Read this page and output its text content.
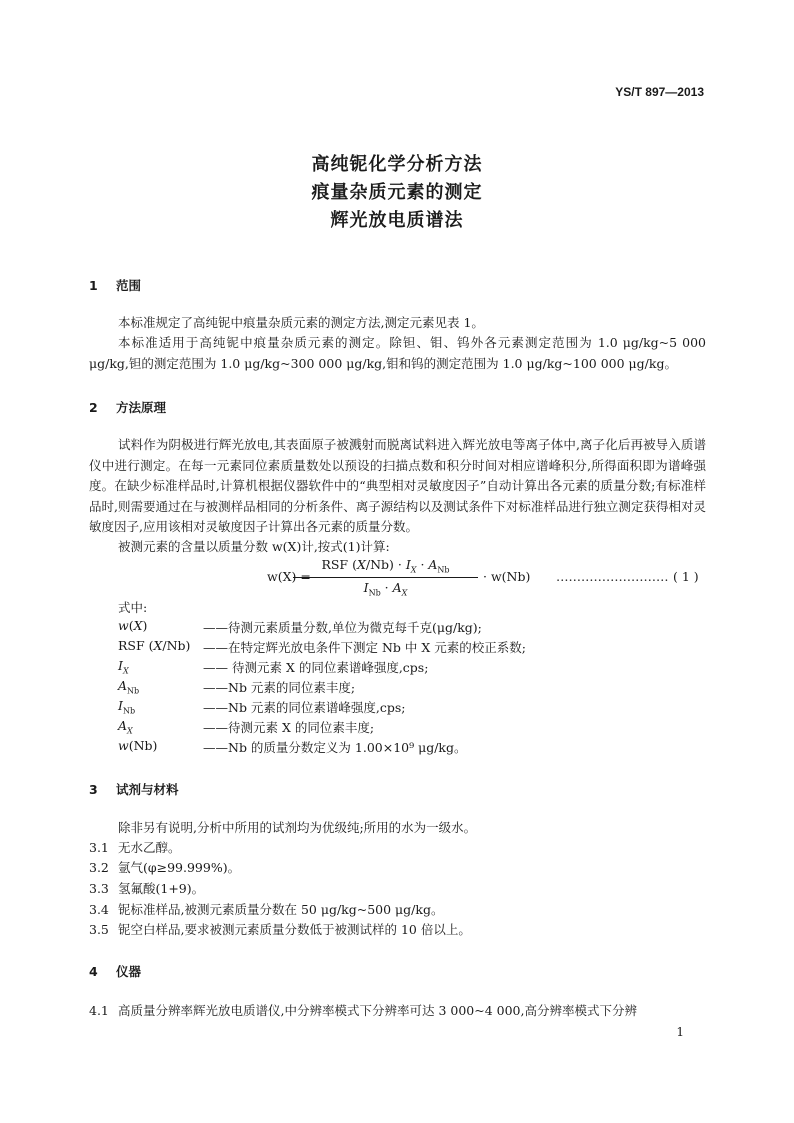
YS/T 897—2013
高纯铌化学分析方法
痕量杂质元素的测定
辉光放电质谱法
1 范围
本标准规定了高纯铌中痕量杂质元素的测定方法,测定元素见表 1。
本标准适用于高纯铌中痕量杂质元素的测定。除钽、钼、钨外各元素测定范围为 1.0 μg/kg~5 000 μg/kg,钽的测定范围为 1.0 μg/kg~300 000 μg/kg,钼和钨的测定范围为 1.0 μg/kg~100 000 μg/kg。
2 方法原理
试料作为阴极进行辉光放电,其表面原子被溅射而脱离试料进入辉光放电等离子体中,离子化后再被导入质谱仪中进行测定。在每一元素同位素质量数处以预设的扫描点数和积分时间对相应谱峰积分,所得面积即为谱峰强度。在缺少标准样品时,计算机根据仪器软件中的“典型相对灵敏度因子”自动计算出各元素的质量分数;有标准样品时,则需要通过在与被测样品相同的分析条件、离子源结构以及测试条件下对标准样品进行独立测定获得相对灵敏度因子,应用该相对灵敏度因子计算出各元素的质量分数。
被测元素的含量以质量分数 w(X)计,按式(1)计算:
w(X) =
RSF $(X/Nb) \cdot I_X \cdot A_{Nb}$
$I_{Nb} \cdot A_X$
· w(Nb) ……………………… ( 1 )
式中:
w(X)	——待测元素质量分数,单位为微克每千克(μg/kg);
RSF (X/Nb) ——在特定辉光放电条件下测定 Nb 中 X 元素的校正系数;
$I_X$	—— 待测元素 X 的同位素谱峰强度,cps;
$A_{Nb}$	——Nb 元素的同位素丰度;
$I_{Nb}$	——Nb 元素的同位素谱峰强度,cps;
$A_X$	——待测元素 X 的同位素丰度;
w(Nb)	——Nb 的质量分数定义为 1.00×10⁹ μg/kg。
3 试剂与材料
除非另有说明,分析中所用的试剂均为优级纯;所用的水为一级水。
3.1 无水乙醇。
3.2 氩气(φ≥99.999%)。
3.3 氢氟酸(1+9)。
3.4 铌标准样品,被测元素质量分数在 50 μg/kg~500 μg/kg。
3.5 铌空白样品,要求被测元素质量分数低于被测试样的 10 倍以上。
4 仪器
4.1 高质量分辨率辉光放电质谱仪,中分辨率模式下分辨率可达 3 000~4 000,高分辨率模式下分辨
1
